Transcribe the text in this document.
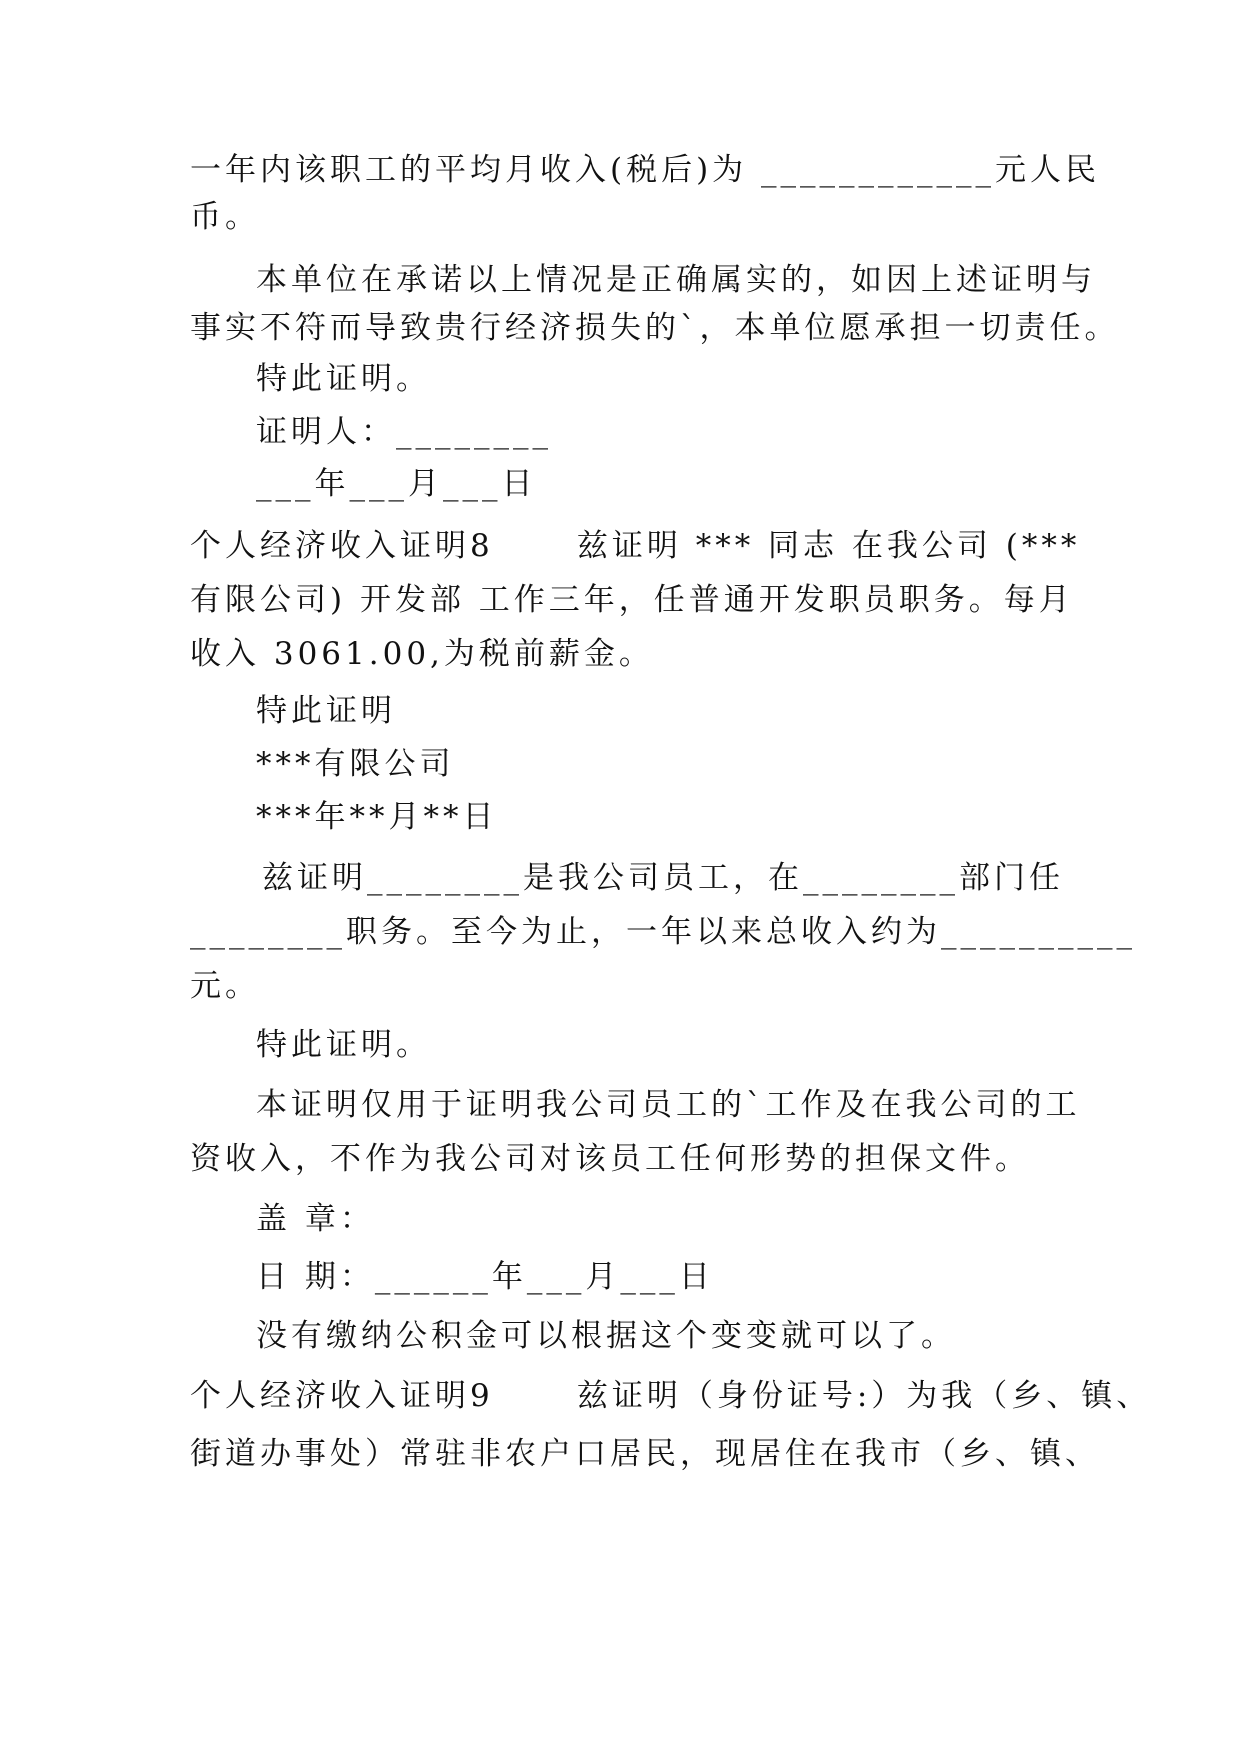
一年内该职工的平均月收入(税后)为 ____________元人民
币。
本单位在承诺以上情况是正确属实的，如因上述证明与
事实不符而导致贵行经济损失的`，本单位愿承担一切责任。
特此证明。
证明人：________
___年___月___日
个人经济收入证明8      兹证明 *** 同志 在我公司 (***
有限公司) 开发部 工作三年，任普通开发职员职务。每月
收入 3061.00,为税前薪金。
特此证明
***有限公司
***年**月**日
兹证明________是我公司员工，在________部门任
________职务。至今为止，一年以来总收入约为__________
元。
特此证明。
本证明仅用于证明我公司员工的`工作及在我公司的工
资收入，不作为我公司对该员工任何形势的担保文件。
盖 章：
日 期：______年___月___日
没有缴纳公积金可以根据这个变变就可以了。
个人经济收入证明9      兹证明（身份证号:）为我（乡、镇、
街道办事处）常驻非农户口居民，现居住在我市（乡、镇、
